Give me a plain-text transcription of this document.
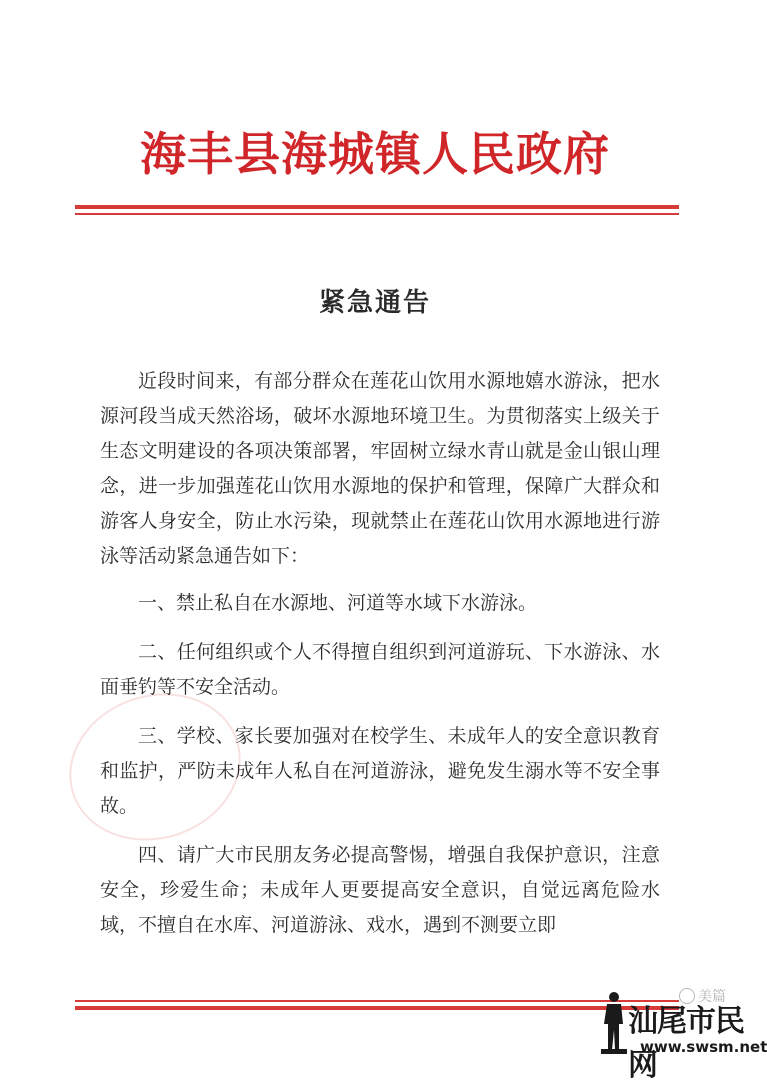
海丰县海城镇人民政府
紧急通告

近段时间来，有部分群众在莲花山饮用水源地嬉水游泳，把水源河段当成天然浴场，破坏水源地环境卫生。为贯彻落实上级关于生态文明建设的各项决策部署，牢固树立绿水青山就是金山银山理念，进一步加强莲花山饮用水源地的保护和管理，保障广大群众和游客人身安全，防止水污染，现就禁止在莲花山饮用水源地进行游泳等活动紧急通告如下：

一、禁止私自在水源地、河道等水域下水游泳。

二、任何组织或个人不得擅自组织到河道游玩、下水游泳、水面垂钓等不安全活动。

三、学校、家长要加强对在校学生、未成年人的安全意识教育和监护，严防未成年人私自在河道游泳，避免发生溺水等不安全事故。

四、请广大市民朋友务必提高警惕，增强自我保护意识，注意安全，珍爱生命；未成年人更要提高安全意识，自觉远离危险水域，不擅自在水库、河道游泳、戏水，遇到不测要立即

美篇
汕尾市民网
www.swsm.net
